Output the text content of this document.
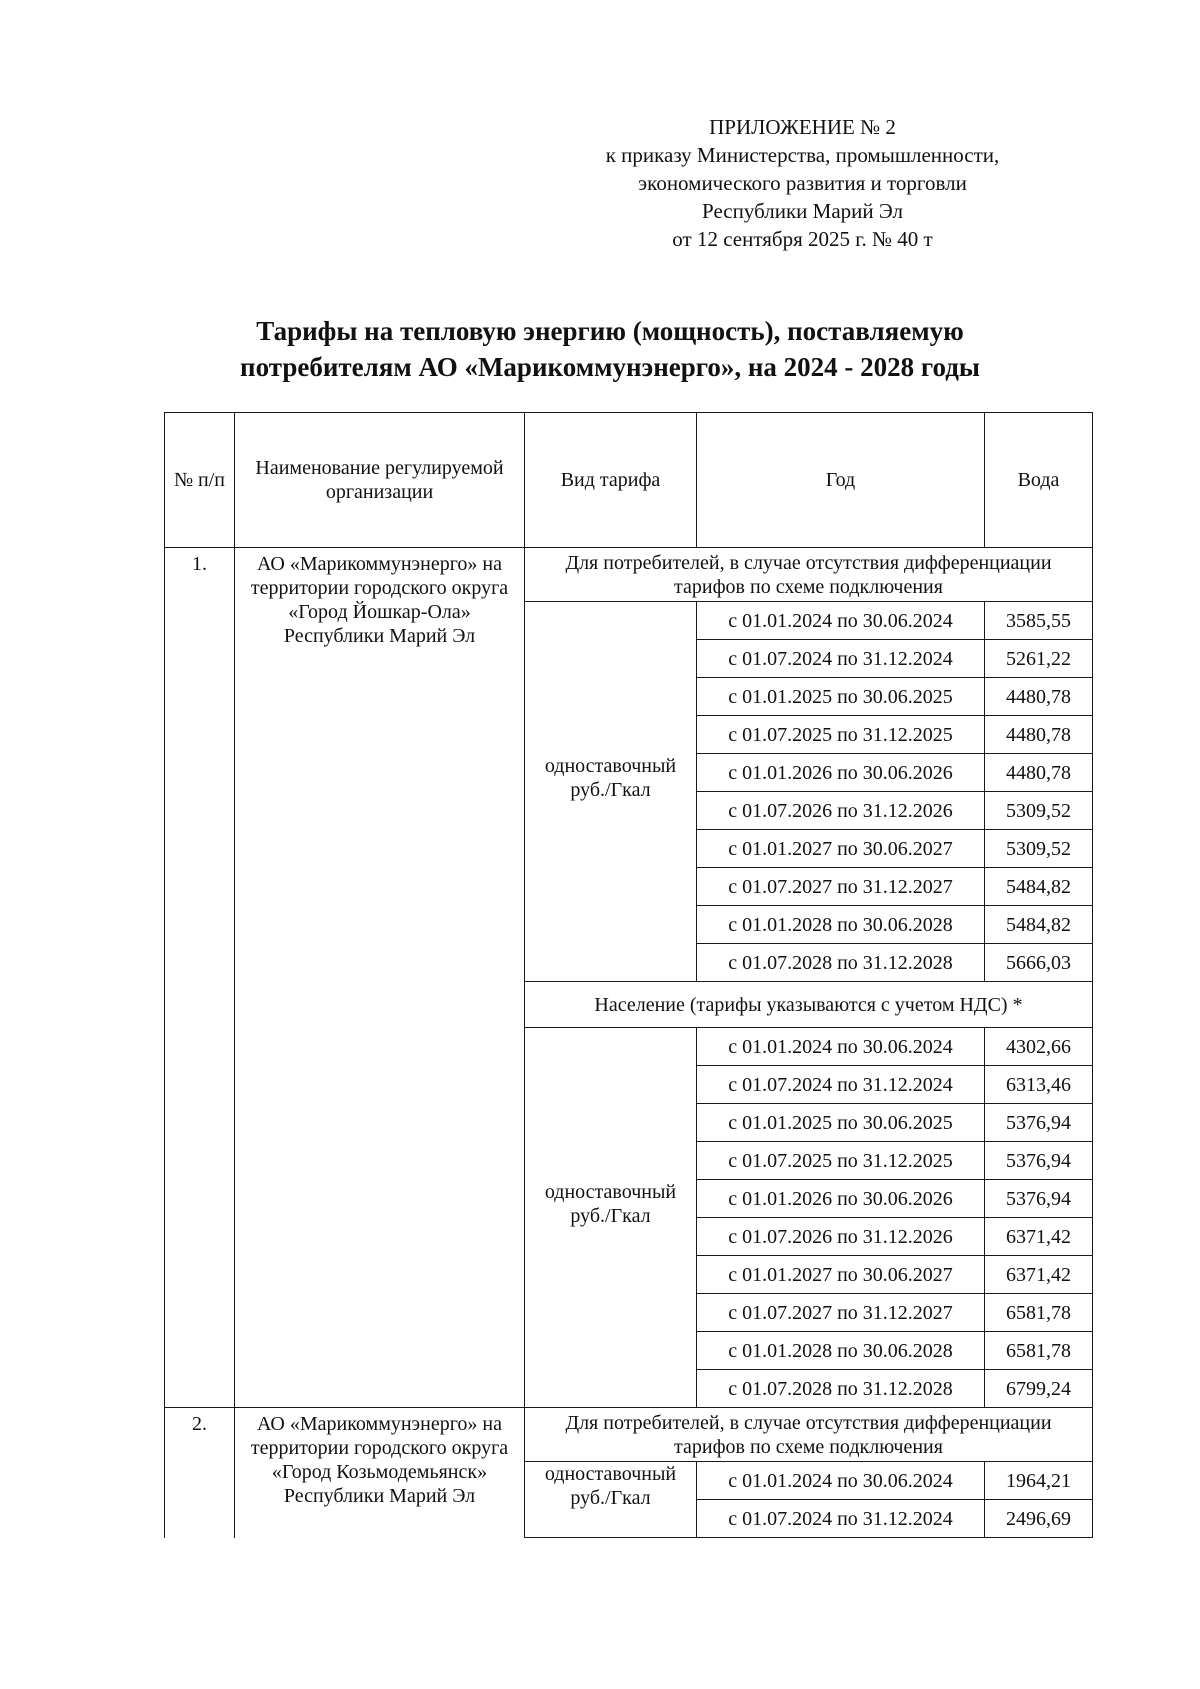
ПРИЛОЖЕНИЕ № 2
к приказу Министерства, промышленности,
экономического развития и торговли
Республики Марий Эл
от 12 сентября 2025 г. № 40 т
Тарифы на тепловую энергию (мощность), поставляемую
потребителям АО «Марикоммунэнерго», на 2024 - 2028 годы
№ п/п	Наименование регулируемой организации	Вид тарифа	Год	Вода
1.	АО «Марикоммунэнерго» на территории городского округа «Город Йошкар-Ола» Республики Марий Эл	Для потребителей, в случае отсутствия дифференциации тарифов по схеме подключения		
		одноставочный руб./Гкал	с 01.01.2024 по 30.06.2024	3585,55
			с 01.07.2024 по 31.12.2024	5261,22
			с 01.01.2025 по 30.06.2025	4480,78
			с 01.07.2025 по 31.12.2025	4480,78
			с 01.01.2026 по 30.06.2026	4480,78
			с 01.07.2026 по 31.12.2026	5309,52
			с 01.01.2027 по 30.06.2027	5309,52
			с 01.07.2027 по 31.12.2027	5484,82
			с 01.01.2028 по 30.06.2028	5484,82
			с 01.07.2028 по 31.12.2028	5666,03
		Население (тарифы указываются с учетом НДС) *		
		одноставочный руб./Гкал	с 01.01.2024 по 30.06.2024	4302,66
			с 01.07.2024 по 31.12.2024	6313,46
			с 01.01.2025 по 30.06.2025	5376,94
			с 01.07.2025 по 31.12.2025	5376,94
			с 01.01.2026 по 30.06.2026	5376,94
			с 01.07.2026 по 31.12.2026	6371,42
			с 01.01.2027 по 30.06.2027	6371,42
			с 01.07.2027 по 31.12.2027	6581,78
			с 01.01.2028 по 30.06.2028	6581,78
			с 01.07.2028 по 31.12.2028	6799,24
2.	АО «Марикоммунэнерго» на территории городского округа «Город Козьмодемьянск» Республики Марий Эл	Для потребителей, в случае отсутствия дифференциации тарифов по схеме подключения		
		одноставочный руб./Гкал	с 01.01.2024 по 30.06.2024	1964,21
			с 01.07.2024 по 31.12.2024	2496,69
